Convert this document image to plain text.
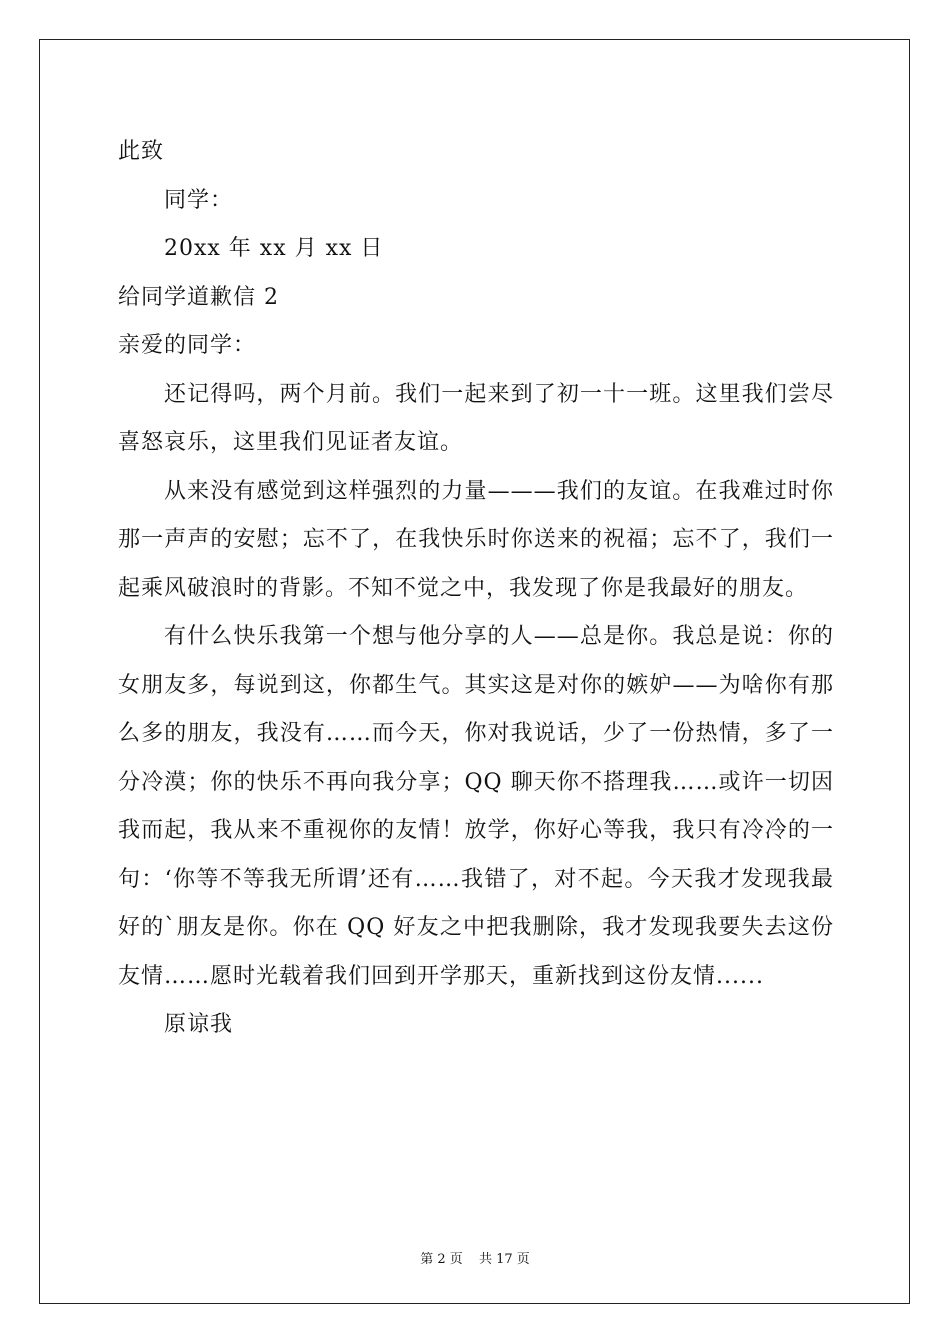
此致

同学：

20xx 年 xx 月 xx 日

给同学道歉信 2

亲爱的同学：

还记得吗，两个月前。我们一起来到了初一十一班。这里我们尝尽喜怒哀乐，这里我们见证者友谊。

从来没有感觉到这样强烈的力量———我们的友谊。在我难过时你那一声声的安慰；忘不了，在我快乐时你送来的祝福；忘不了，我们一起乘风破浪时的背影。不知不觉之中，我发现了你是我最好的朋友。

有什么快乐我第一个想与他分享的人——总是你。我总是说：你的女朋友多，每说到这，你都生气。其实这是对你的嫉妒——为啥你有那么多的朋友，我没有……而今天，你对我说话，少了一份热情，多了一分冷漠；你的快乐不再向我分享；QQ 聊天你不搭理我……或许一切因我而起，我从来不重视你的友情！放学，你好心等我，我只有冷冷的一句：‘你等不等我无所谓’还有……我错了，对不起。今天我才发现我最好的`朋友是你。你在 QQ 好友之中把我删除，我才发现我要失去这份友情……愿时光载着我们回到开学那天，重新找到这份友情......

原谅我

第 2 页 共 17 页
